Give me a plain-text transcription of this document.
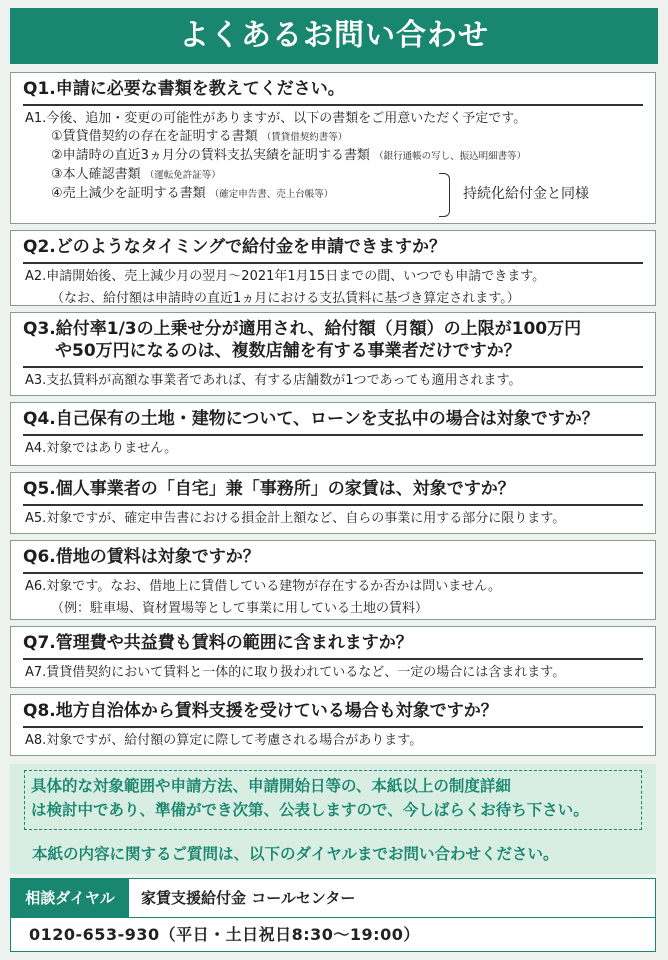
よくあるお問い合わせ
Q1.申請に必要な書類を教えてください。
A1.今後、追加・変更の可能性がありますが、以下の書類をご用意いただく予定です。
①賃貸借契約の存在を証明する書類 （賃貸借契約書等）
②申請時の直近3ヵ月分の賃料支払実績を証明する書類 （銀行通帳の写し、振込明細書等）
③本人確認書類 （運転免許証等）
④売上減少を証明する書類 （確定申告書、売上台帳等）	持続化給付金と同様
Q2.どのようなタイミングで給付金を申請できますか？
A2.申請開始後、売上減少月の翌月～2021年1月15日までの間、いつでも申請できます。
（なお、給付額は申請時の直近1ヵ月における支払賃料に基づき算定されます。）
Q3.給付率1/3の上乗せ分が適用され、給付額（月額）の上限が100万円
や50万円になるのは、複数店舗を有する事業者だけですか？
A3.支払賃料が高額な事業者であれば、有する店舗数が1つであっても適用されます。
Q4.自己保有の土地・建物について、ローンを支払中の場合は対象ですか？
A4.対象ではありません。
Q5.個人事業者の「自宅」兼「事務所」の家賃は、対象ですか？
A5.対象ですが、確定申告書における損金計上額など、自らの事業に用する部分に限ります。
Q6.借地の賃料は対象ですか？
A6.対象です。なお、借地上に賃借している建物が存在するか否かは問いません。
（例：駐車場、資材置場等として事業に用している土地の賃料）
Q7.管理費や共益費も賃料の範囲に含まれますか？
A7.賃貸借契約において賃料と一体的に取り扱われているなど、一定の場合には含まれます。
Q8.地方自治体から賃料支援を受けている場合も対象ですか？
A8.対象ですが、給付額の算定に際して考慮される場合があります。
具体的な対象範囲や申請方法、申請開始日等の、本紙以上の制度詳細
は検討中であり、準備ができ次第、公表しますので、今しばらくお待ち下さい。
本紙の内容に関するご質問は、以下のダイヤルまでお問い合わせください。
相談ダイヤル	家賃支援給付金 コールセンター
0120-653-930（平日・土日祝日8:30～19:00）
